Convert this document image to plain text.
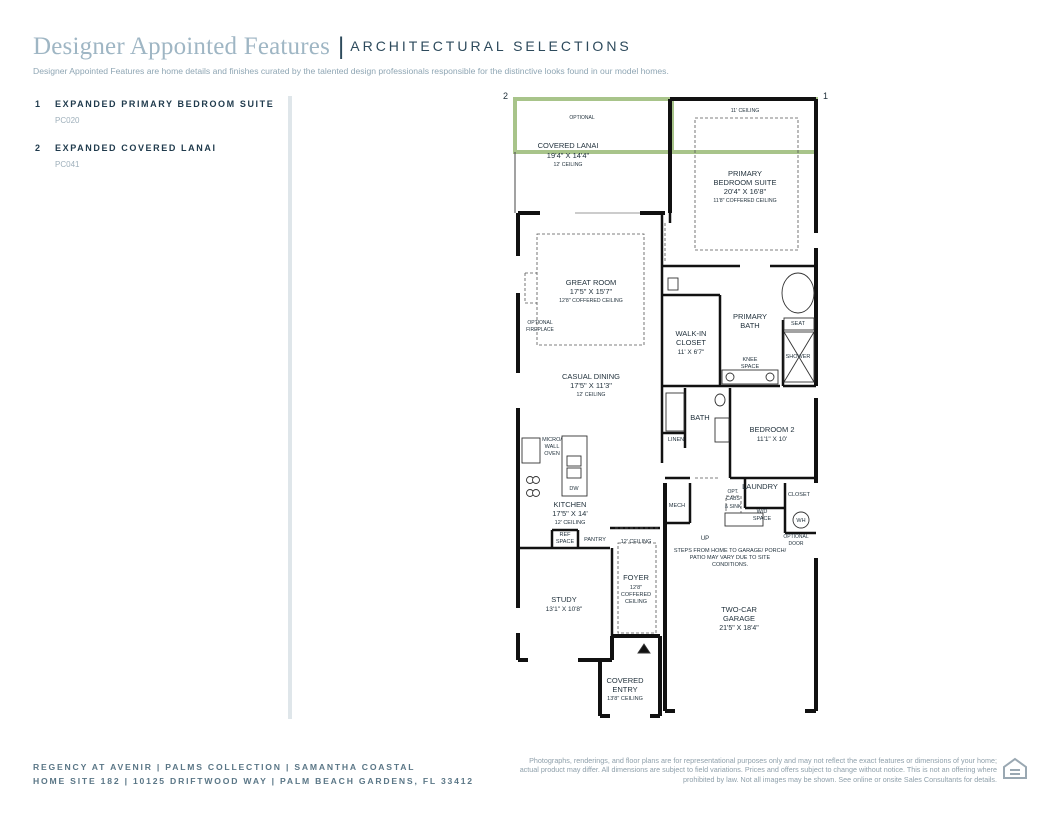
Designer Appointed Features | ARCHITECTURAL SELECTIONS
Designer Appointed Features are home details and finishes curated by the talented design professionals responsible for the distinctive looks found in our model homes.
1 EXPANDED PRIMARY BEDROOM SUITE
PC020
2 EXPANDED COVERED LANAI
PC041
2	1
OPTIONAL
COVERED LANAI
19'4" X 14'4"
12' CEILING
11' CEILING
PRIMARY
BEDROOM SUITE
20'4" X 16'8"
11'8" COFFERED CEILING
GREAT ROOM
17'5" X 15'7"
12'8" COFFERED CEILING
OPTIONAL
FIREPLACE
PRIMARY
BATH	SEAT
SHOWER
WALK-IN
CLOSET
11' X 6'7"
KNEE
SPACE
CASUAL DINING
17'5" X 11'3"
12' CEILING
BATH
LINEN
BEDROOM 2
11'1" X 10'
MICRO/
WALL
OVEN
DW
KITCHEN
17'5" X 14'
12' CEILING
REF
SPACE PANTRY	12' CEILING
LAUNDRY
CLOSET
MECH
OPT.
CABS
& SINK
W/D
SPACE	WH
UP	OPTIONAL
DOOR
STEPS FROM HOME TO GARAGE/ PORCH/
PATIO MAY VARY DUE TO SITE
CONDITIONS.
FOYER
12'8"
COFFERED
CEILING
STUDY
13'1" X 10'8"	TWO-CAR
GARAGE
21'5" X 18'4"
COVERED
ENTRY
13'8" CEILING
REGENCY AT AVENIR | PALMS COLLECTION | SAMANTHA COASTAL
HOME SITE 182 | 10125 DRIFTWOOD WAY | PALM BEACH GARDENS, FL 33412
Photographs, renderings, and floor plans are for representational purposes only and may not reflect the exact features or dimensions of your home; actual product may differ. All dimensions are subject to field variations. Prices and offers subject to change without notice. This is not an offering where prohibited by law. Not all images may be shown. See online or onsite Sales Consultants for details.
